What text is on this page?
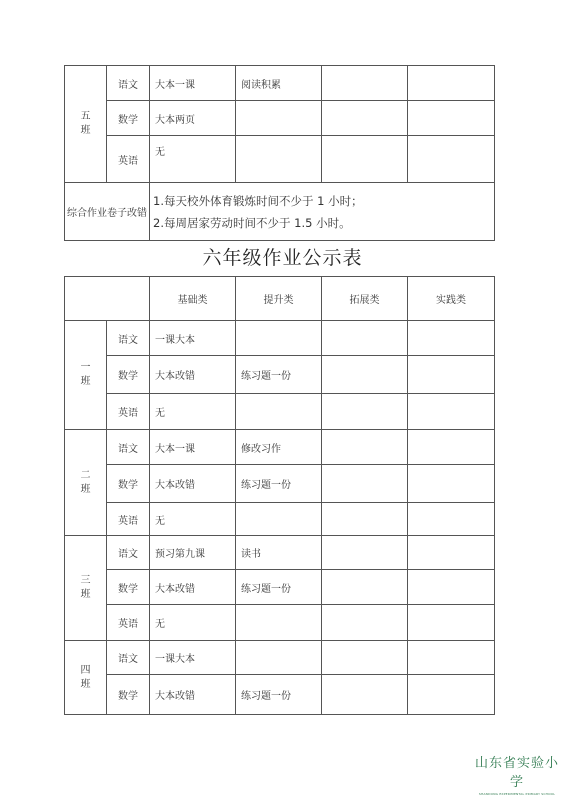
五
班	语文	大本一课	阅读积累		
	数学	大本两页			
	英语	无			
综合作业卷子改错		1.每天校外体育锻炼时间不少于 1 小时；
2.每周居家劳动时间不少于 1.5 小时。			
六年级作业公示表
		基础类	提升类	拓展类	实践类
一
班	语文	一课大本			
	数学	大本改错	练习题一份		
	英语	无			
二
班	语文	大本一课	修改习作		
	数学	大本改错	练习题一份		
	英语	无			
三
班	语文	预习第九课	读书		
	数学	大本改错	练习题一份		
	英语	无			
四
班	语文	一课大本			
	数学	大本改错	练习题一份		
山东省实验小学
SHANDONG EXPERIMENTAL PRIMARY SCHOOL
